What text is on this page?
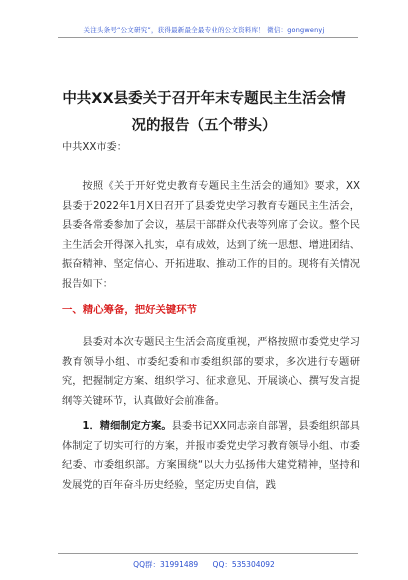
关注头条号“公文研究”，获得最新最全最专业的公文资料库！ 微信：gongwenyj
中共XX县委关于召开年末专题民主生活会情
况的报告（五个带头）
中共XX市委：
按照《关于开好党史教育专题民主生活会的通知》要求，XX县委于2022年1月X日召开了县委党史学习教育专题民主生活会，县委各常委参加了会议，基层干部群众代表等列席了会议。整个民主生活会开得深入扎实，卓有成效，达到了统一思想、增进团结、振奋精神、坚定信心、开拓进取、推动工作的目的。现将有关情况报告如下：
一、精心筹备，把好关键环节
县委对本次专题民主生活会高度重视，严格按照市委党史学习教育领导小组、市委纪委和市委组织部的要求，多次进行专题研究，把握制定方案、组织学习、征求意见、开展谈心、撰写发言提纲等关键环节，认真做好会前准备。
1．精细制定方案。县委书记XX同志亲自部署，县委组织部具体制定了切实可行的方案，并报市委党史学习教育领导小组、市委纪委、市委组织部。方案围绕“以大力弘扬伟大建党精神，坚持和发展党的百年奋斗历史经验，坚定历史自信，践
QQ群：31991489 QQ：535304092
